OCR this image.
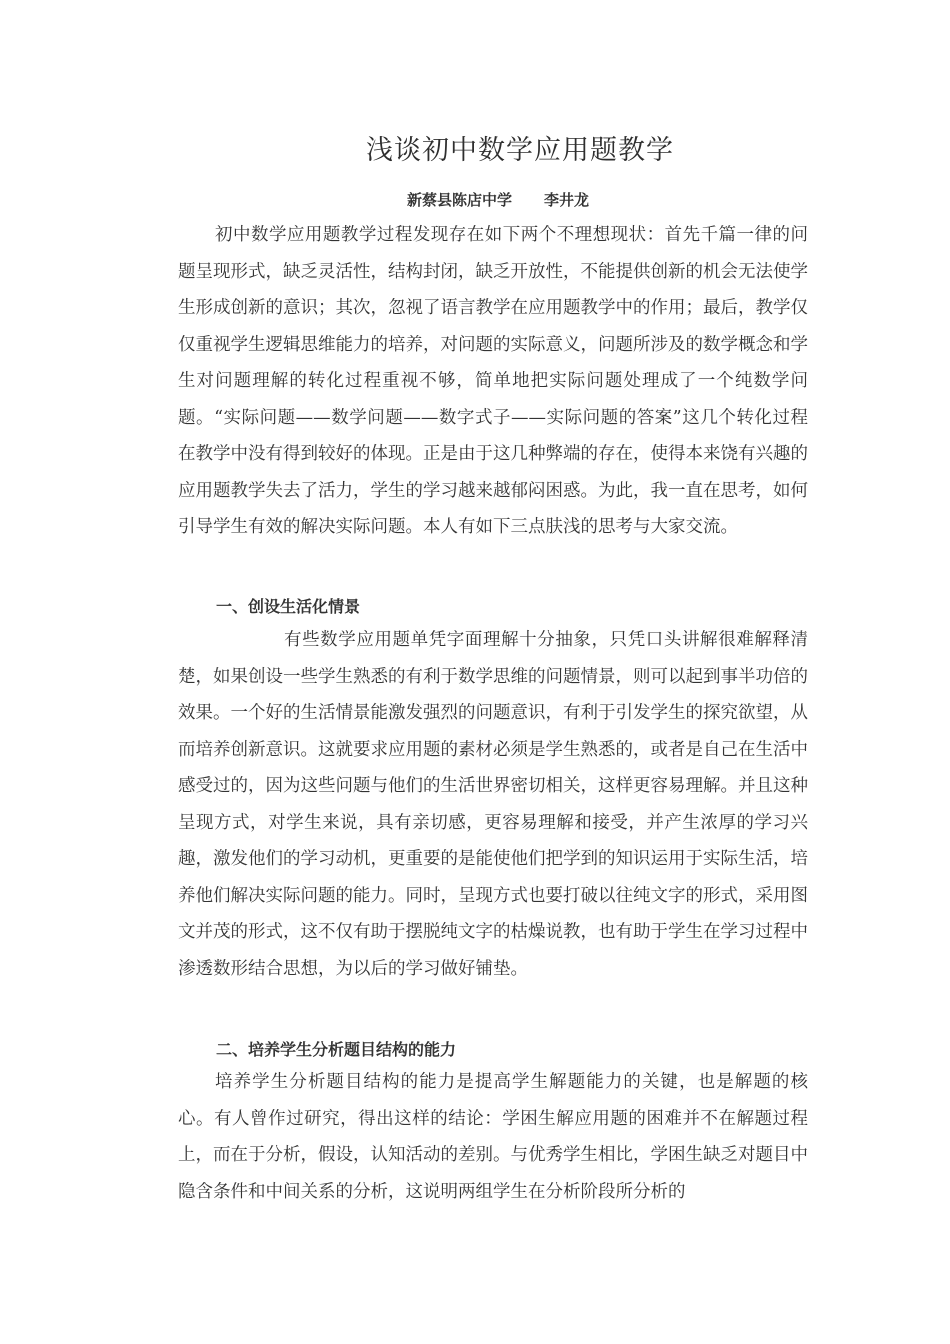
浅谈初中数学应用题教学
新蔡县陈店中学 李井龙

初中数学应用题教学过程发现存在如下两个不理想现状：首先千篇一律的问题呈现形式，缺乏灵活性，结构封闭，缺乏开放性，不能提供创新的机会无法使学生形成创新的意识；其次，忽视了语言教学在应用题教学中的作用；最后，教学仅仅重视学生逻辑思维能力的培养，对问题的实际意义，问题所涉及的数学概念和学生对问题理解的转化过程重视不够，简单地把实际问题处理成了一个纯数学问题。“实际问题——数学问题——数字式子——实际问题的答案”这几个转化过程在教学中没有得到较好的体现。正是由于这几种弊端的存在，使得本来饶有兴趣的应用题教学失去了活力，学生的学习越来越郁闷困惑。为此，我一直在思考，如何引导学生有效的解决实际问题。本人有如下三点肤浅的思考与大家交流。

一、创设生活化情景

有些数学应用题单凭字面理解十分抽象，只凭口头讲解很难解释清楚，如果创设一些学生熟悉的有利于数学思维的问题情景，则可以起到事半功倍的效果。一个好的生活情景能激发强烈的问题意识，有利于引发学生的探究欲望，从而培养创新意识。这就要求应用题的素材必须是学生熟悉的，或者是自己在生活中感受过的，因为这些问题与他们的生活世界密切相关，这样更容易理解。并且这种呈现方式，对学生来说，具有亲切感，更容易理解和接受，并产生浓厚的学习兴趣，激发他们的学习动机，更重要的是能使他们把学到的知识运用于实际生活，培养他们解决实际问题的能力。同时，呈现方式也要打破以往纯文字的形式，采用图文并茂的形式，这不仅有助于摆脱纯文字的枯燥说教，也有助于学生在学习过程中渗透数形结合思想，为以后的学习做好铺垫。

二、培养学生分析题目结构的能力

培养学生分析题目结构的能力是提高学生解题能力的关键，也是解题的核心。有人曾作过研究，得出这样的结论：学困生解应用题的困难并不在解题过程上，而在于分析，假设，认知活动的差别。与优秀学生相比，学困生缺乏对题目中隐含条件和中间关系的分析，这说明两组学生在分析阶段所分析的
